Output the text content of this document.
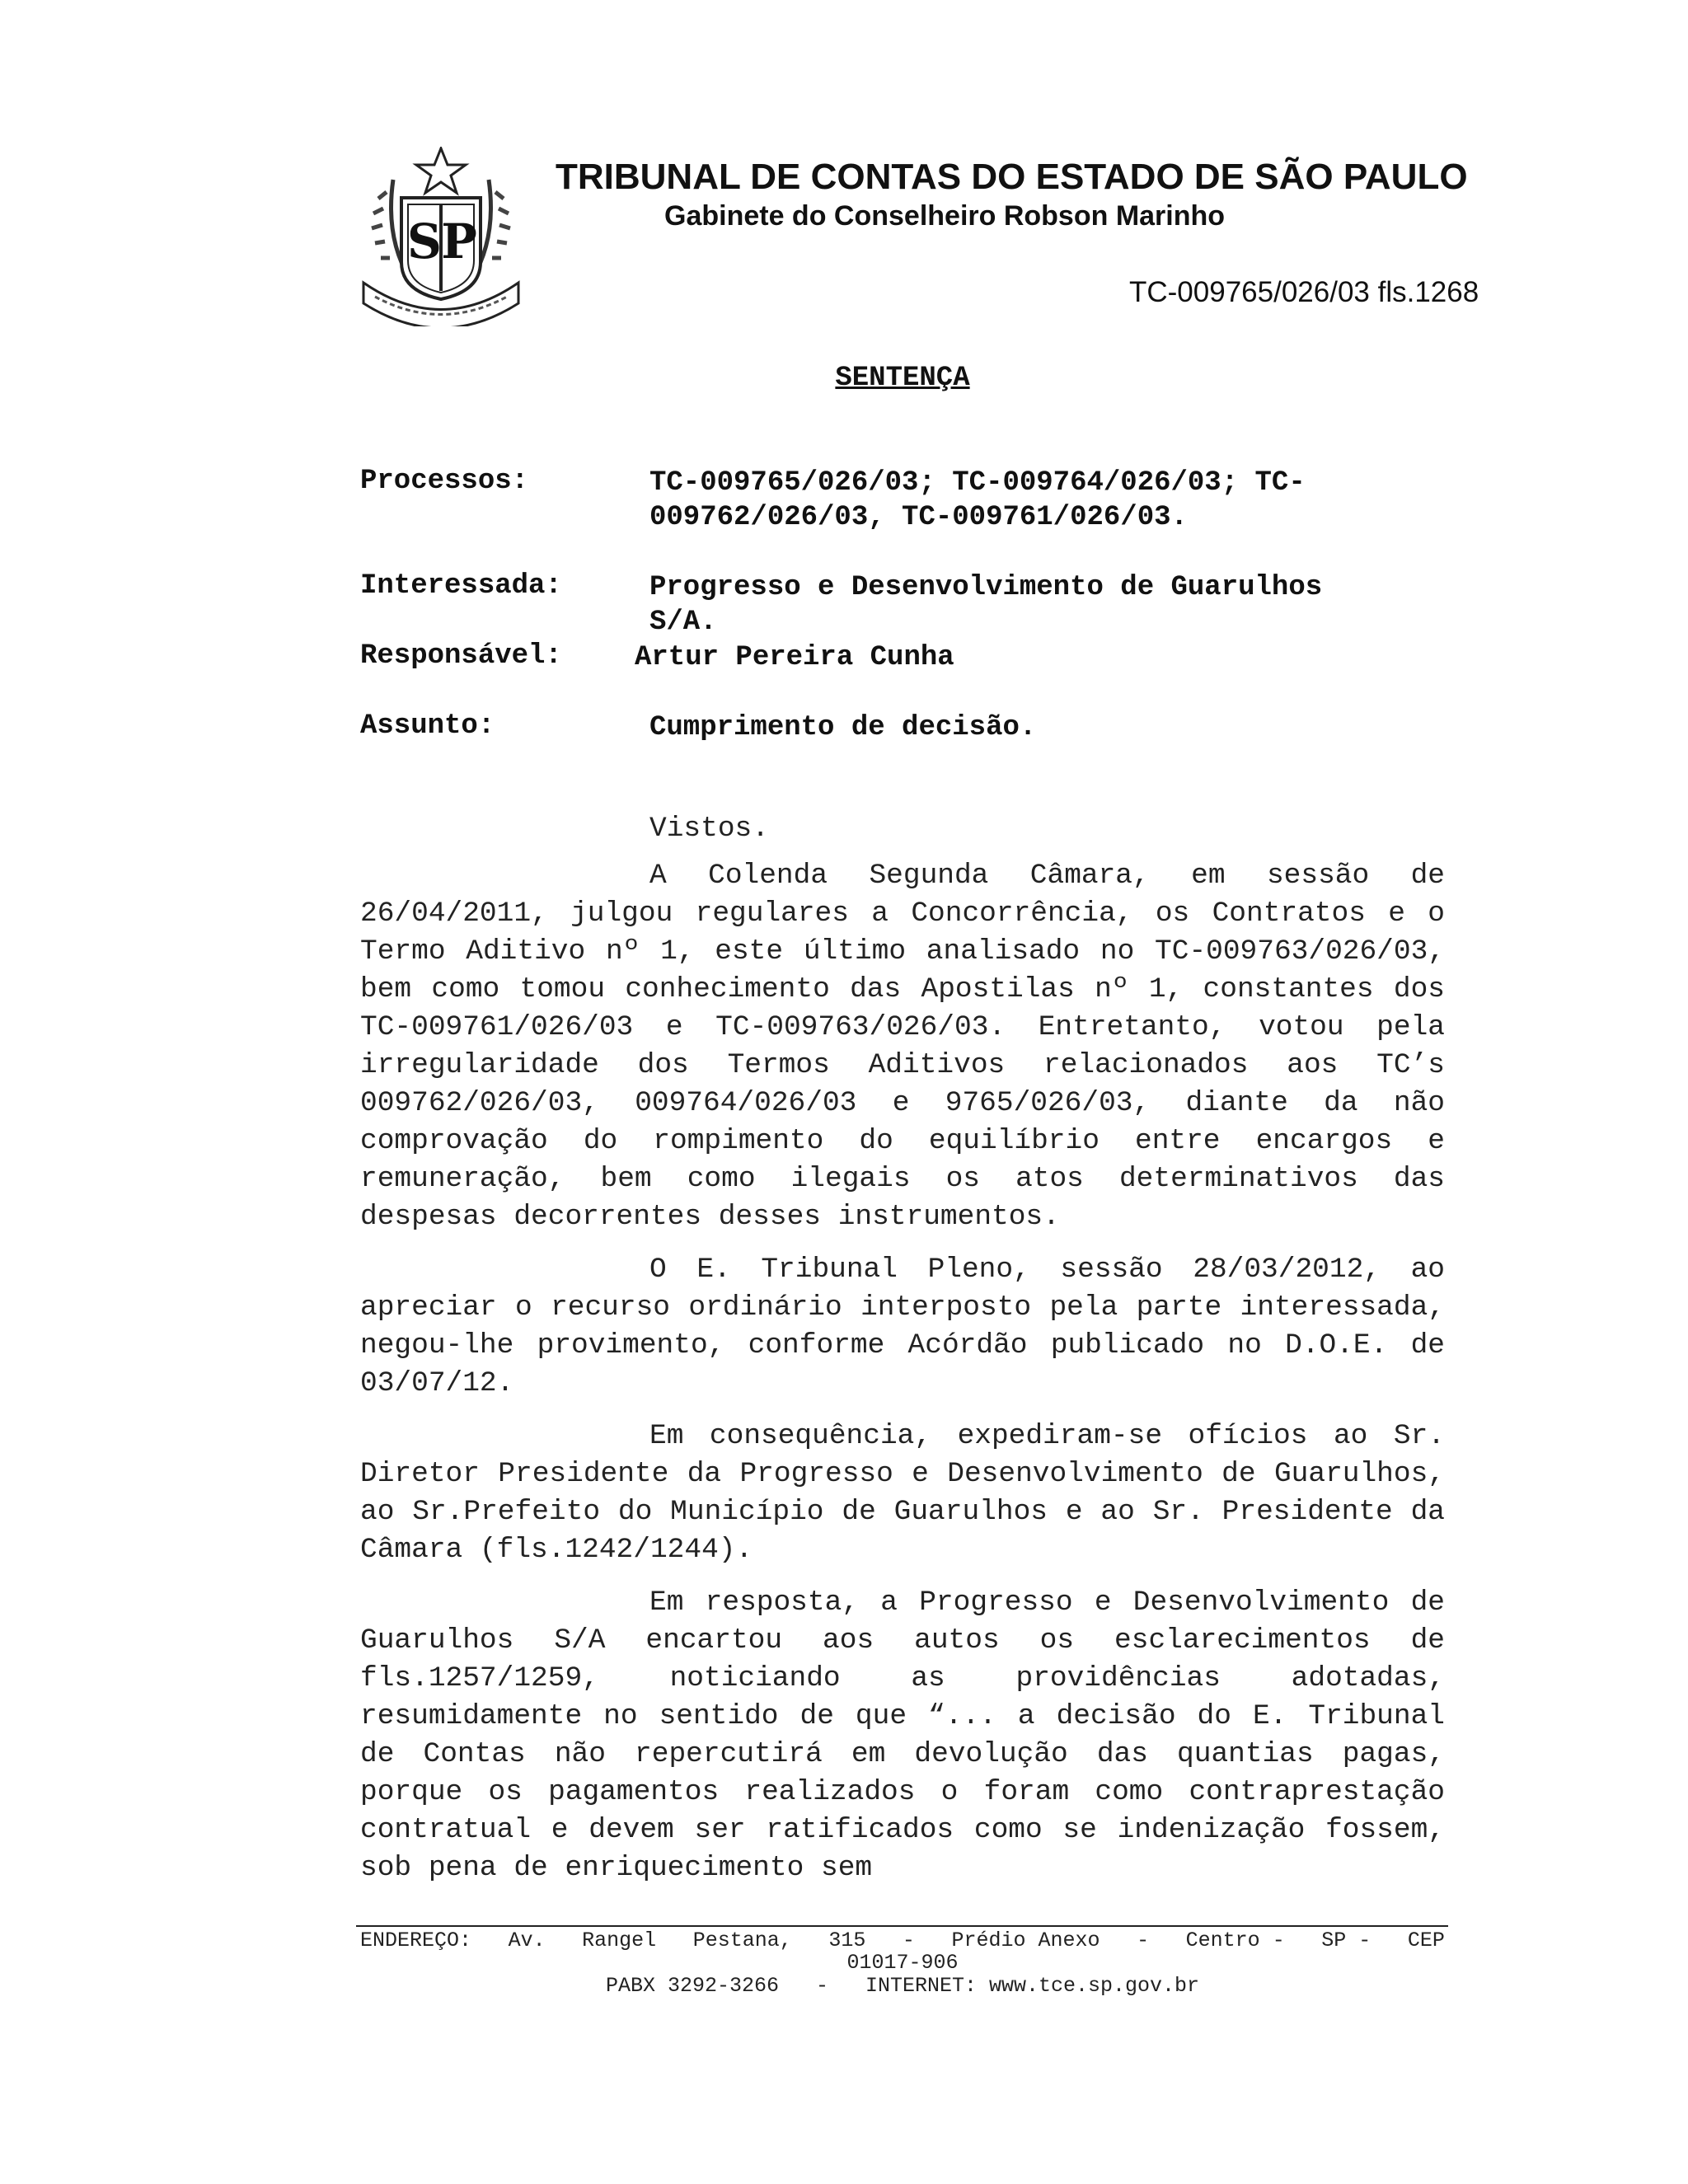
S P
TRIBUNAL DE CONTAS DO ESTADO DE SÃO PAULO
Gabinete do Conselheiro Robson Marinho
TC-009765/026/03 fls.1268
SENTENÇA
Processos:	TC-009765/026/03; TC-009764/026/03; TC-
009762/026/03, TC-009761/026/03.
Interessada:	Progresso e Desenvolvimento de Guarulhos
S/A.
Responsável:	Artur Pereira Cunha
Assunto:	Cumprimento de decisão.
Vistos.

A Colenda Segunda Câmara, em sessão de 26/04/2011, julgou regulares a Concorrência, os Contratos e o Termo Aditivo nº 1, este último analisado no TC-009763/026/03, bem como tomou conhecimento das Apostilas nº 1, constantes dos TC-009761/026/03 e TC-009763/026/03. Entretanto, votou pela irregularidade dos Termos Aditivos relacionados aos TC’s 009762/026/03, 009764/026/03 e 9765/026/03, diante da não comprovação do rompimento do equilíbrio entre encargos e remuneração, bem como ilegais os atos determinativos das despesas decorrentes desses instrumentos.

O E. Tribunal Pleno, sessão 28/03/2012, ao apreciar o recurso ordinário interposto pela parte interessada, negou-lhe provimento, conforme Acórdão publicado no D.O.E. de 03/07/12.

Em consequência, expediram-se ofícios ao Sr. Diretor Presidente da Progresso e Desenvolvimento de Guarulhos, ao Sr.Prefeito do Município de Guarulhos e ao Sr. Presidente da Câmara (fls.1242/1244).

Em resposta, a Progresso e Desenvolvimento de Guarulhos S/A encartou aos autos os esclarecimentos de fls.1257/1259, noticiando as providências adotadas, resumidamente no sentido de que “... a decisão do E. Tribunal de Contas não repercutirá em devolução das quantias pagas, porque os pagamentos realizados o foram como contraprestação contratual e devem ser ratificados como se indenização fossem, sob pena de enriquecimento sem

ENDEREÇO: Av. Rangel Pestana, 315 - Prédio Anexo - Centro - SP - CEP
01017-906
PABX 3292-3266   -   INTERNET: www.tce.sp.gov.br
